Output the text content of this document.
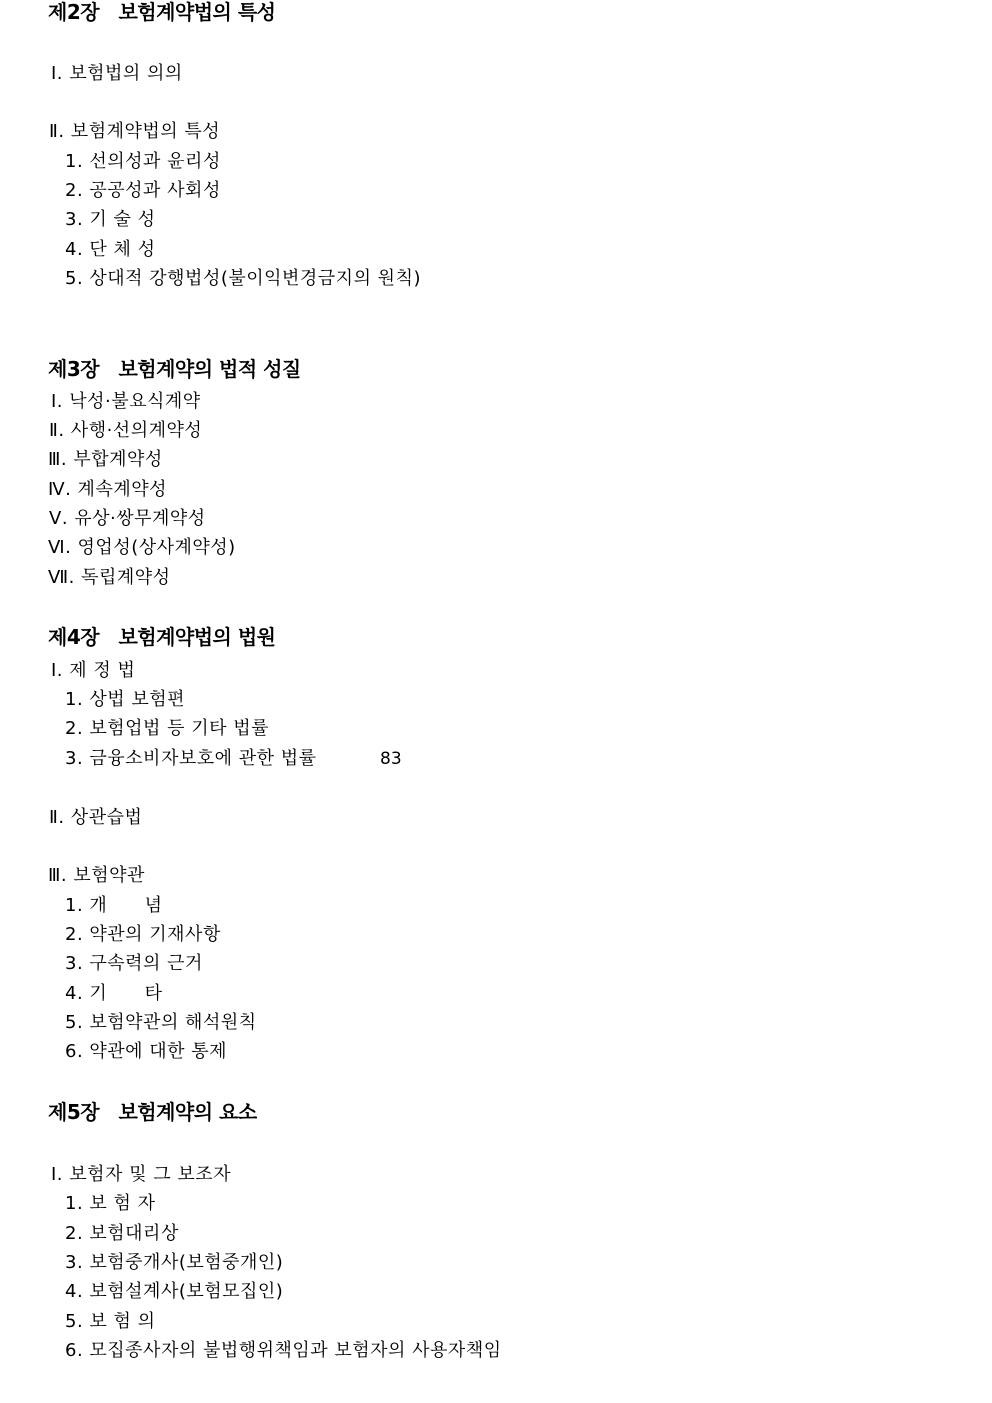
제2장   보험계약법의 특성
Ⅰ. 보험법의 의의
Ⅱ. 보험계약법의 특성
1. 선의성과 윤리성
2. 공공성과 사회성
3. 기 술 성
4. 단 체 성
5. 상대적 강행법성(불이익변경금지의 원칙)
제3장   보험계약의 법적 성질
Ⅰ. 낙성·불요식계약
Ⅱ. 사행·선의계약성
Ⅲ. 부합계약성
Ⅳ. 계속계약성
Ⅴ. 유상·쌍무계약성
Ⅵ. 영업성(상사계약성)
Ⅶ. 독립계약성
제4장   보험계약법의 법원
Ⅰ. 제 정 법
1. 상법 보험편
2. 보험업법 등 기타 법률
3. 금융소비자보호에 관한 법률	83
Ⅱ. 상관습법
Ⅲ. 보험약관
1. 개      념
2. 약관의 기재사항
3. 구속력의 근거
4. 기      타
5. 보험약관의 해석원칙
6. 약관에 대한 통제
제5장   보험계약의 요소
Ⅰ. 보험자 및 그 보조자
1. 보 험 자
2. 보험대리상
3. 보험중개사(보험중개인)
4. 보험설계사(보험모집인)
5. 보 험 의
6. 모집종사자의 불법행위책임과 보험자의 사용자책임
